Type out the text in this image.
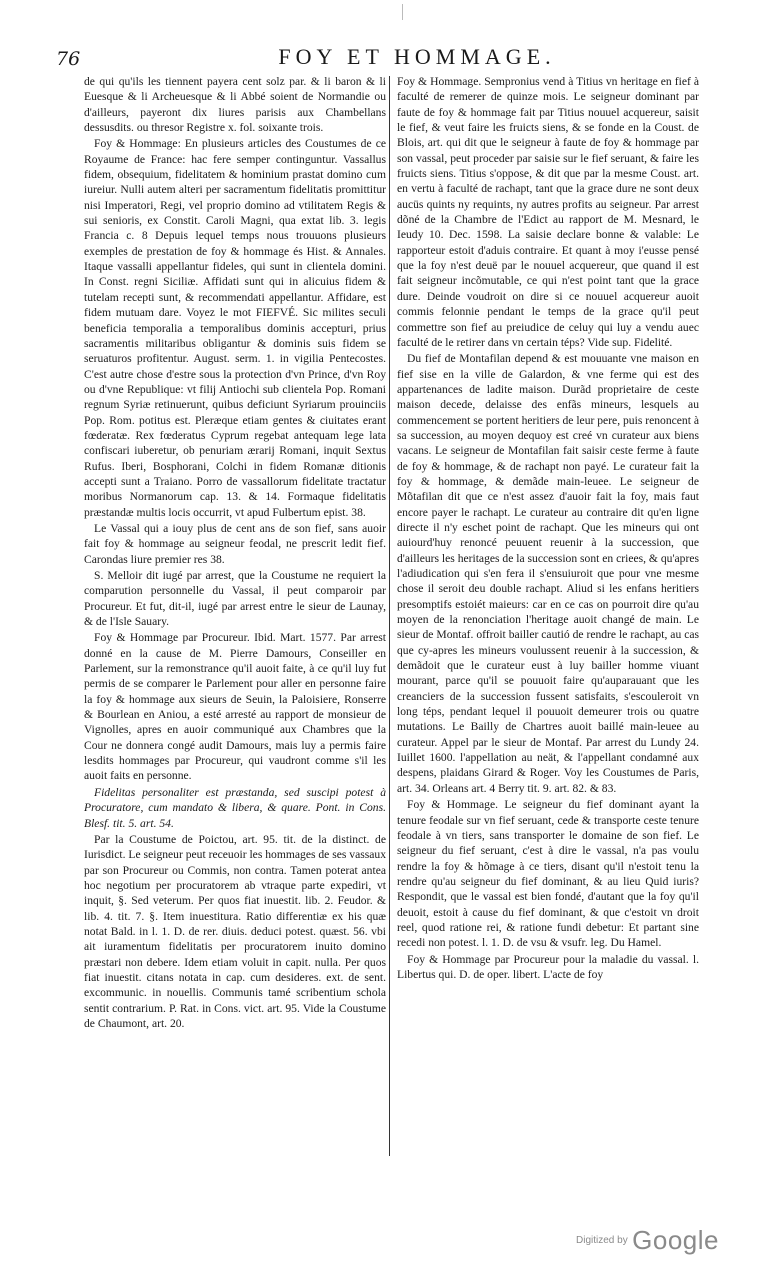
76	FOY ET HOMMAGE.

de qui qu'ils les tiennent payera cent solz par. & li baron & li Euesque & li Archeuesque & li Abbé soient de Normandie ou d'ailleurs, payeront dix liures parisis aux Chambellans dessusdits. ou thresor Registre x. fol. soixante trois.

Foy & Hommage: En plusieurs articles des Coustumes de ce Royaume de France: hac fere semper continguntur. Vassallus fidem, obsequium, fidelitatem & hominium prastat domino cum iureiur. Nulli autem alteri per sacramentum fidelitatis promittitur nisi Imperatori, Regi, vel proprio domino ad vtilitatem Regis & sui senioris, ex Constit. Caroli Magni, qua extat lib. 3. legis Francia c. 8 Depuis lequel temps nous trouuons plusieurs exemples de prestation de foy & hommage és Hist. & Annales. Itaque vassalli appellantur fideles, qui sunt in clientela domini. In Const. regni Siciliæ. Affidati sunt qui in alicuius fidem & tutelam recepti sunt, & recommendati appellantur. Affidare, est fidem mutuam dare. Voyez le mot FIEFVÉ. Sic milites seculi beneficia temporalia a temporalibus dominis accepturi, prius sacramentis militaribus obligantur & dominis suis fidem se seruaturos profitentur. August. serm. 1. in vigilia Pentecostes. C'est autre chose d'estre sous la protection d'vn Prince, d'vn Roy ou d'vne Republique: vt filij Antiochi sub clientela Pop. Romani regnum Syriæ retinuerunt, quibus deficiunt Syriarum prouinciis Pop. Rom. potitus est. Pleræque etiam gentes & ciuitates erant fœderatæ. Rex fœderatus Cyprum regebat antequam lege lata confiscari iuberetur, ob penuriam ærarij Romani, inquit Sextus Rufus. Iberi, Bosphorani, Colchi in fidem Romanæ ditionis accepti sunt a Traiano. Porro de vassallorum fidelitate tractatur moribus Normanorum cap. 13. & 14. Formaque fidelitatis præstandæ multis locis occurrit, vt apud Fulbertum epist. 38.

Le Vassal qui a iouy plus de cent ans de son fief, sans auoir fait foy & hommage au seigneur feodal, ne prescrit ledit fief. Carondas liure premier res 38.

S. Melloir dit iugé par arrest, que la Coustume ne requiert la comparution personnelle du Vassal, il peut comparoir par Procureur. Et fut, dit-il, iugé par arrest entre le sieur de Launay, & de l'Isle Sauary.

Foy & Hommage par Procureur. Ibid. Mart. 1577. Par arrest donné en la cause de M. Pierre Damours, Conseiller en Parlement, sur la remonstrance qu'il auoit faite, à ce qu'il luy fut permis de se comparer le Parlement pour aller en personne faire la foy & hommage aux sieurs de Seuin, la Paloisiere, Ronserre & Bourlean en Aniou, a esté arresté au rapport de monsieur de Vignolles, apres en auoir communiqué aux Chambres que la Cour ne donnera congé audit Damours, mais luy a permis faire lesdits hommages par Procureur, qui vaudront comme s'il les auoit faits en personne.

Fidelitas personaliter est præstanda, sed suscipi potest à Procuratore, cum mandato & libera, & quare. Pont. in Cons. Blesf. tit. 5. art. 54.

Par la Coustume de Poictou, art. 95. tit. de la distinct. de Iurisdict. Le seigneur peut receuoir les hommages de ses vassaux par son Procureur ou Commis, non contra. Tamen poterat antea hoc negotium per procuratorem ab vtraque parte expediri, vt inquit, §. Sed veterum. Per quos fiat inuestit. lib. 2. Feudor. & lib. 4. tit. 7. §. Item inuestitura. Ratio differentiæ ex his quæ notat Bald. in l. 1. D. de rer. diuis. deduci potest. quæst. 56. vbi ait iuramentum fidelitatis per procuratorem inuito domino præstari non debere. Idem etiam voluit in capit. nulla. Per quos fiat inuestit. citans notata in cap. cum desideres. ext. de sent. excommunic. in nouellis. Communis tamé scribentium schola sentit contrarium. P. Rat. in Cons. vict. art. 95. Vide la Coustume de Chaumont, art. 20.

Foy & Hommage. Sempronius vend à Titius vn heritage en fief à faculté de remerer de quinze mois. Le seigneur dominant par faute de foy & hommage fait par Titius nouuel acquereur, saisit le fief, & veut faire les fruicts siens, & se fonde en la Coust. de Blois, art. qui dit que le seigneur à faute de foy & hommage par son vassal, peut proceder par saisie sur le fief seruant, & faire les fruicts siens. Titius s'oppose, & dit que par la mesme Coust. art. en vertu à faculté de rachapt, tant que la grace dure ne sont deux aucüs quints ny requints, ny autres profits au seigneur. Par arrest dõné de la Chambre de l'Edict au rapport de M. Mesnard, le Ieudy 10. Dec. 1598. La saisie declare bonne & valable: Le rapporteur estoit d'aduis contraire. Et quant à moy i'eusse pensé que la foy n'est deuë par le nouuel acquereur, que quand il est fait seigneur incõmutable, ce qui n'est point tant que la grace dure. Deinde voudroit on dire si ce nouuel acquereur auoit commis felonnie pendant le temps de la grace qu'il peut commettre son fief au preiudice de celuy qui luy a vendu auec faculté de le retirer dans vn certain téps? Vide sup. Fidelité.

Du fief de Montafilan depend & est mouuante vne maison en fief sise en la ville de Galardon, & vne ferme qui est des appartenances de ladite maison. Durãd proprietaire de ceste maison decede, delaisse des enfãs mineurs, lesquels au commencement se portent heritiers de leur pere, puis renoncent à sa succession, au moyen dequoy est creé vn curateur aux biens vacans. Le seigneur de Montafilan fait saisir ceste ferme à faute de foy & hommage, & de rachapt non payé. Le curateur fait la foy & hommage, & demãde main-leuee. Le seigneur de Mõtafilan dit que ce n'est assez d'auoir fait la foy, mais faut encore payer le rachapt. Le curateur au contraire dit qu'en ligne directe il n'y eschet point de rachapt. Que les mineurs qui ont auiourd'huy renoncé peuuent reuenir à la succession, que d'ailleurs les heritages de la succession sont en criees, & qu'apres l'adiudication qui s'en fera il s'ensuiuroit que pour vne mesme chose il seroit deu double rachapt. Aliud si les enfans heritiers presomptifs estoiét maieurs: car en ce cas on pourroit dire qu'au moyen de la renonciation l'heritage auoit changé de main. Le sieur de Montaf. offroit bailler cautió de rendre le rachapt, au cas que cy-apres les mineurs voulussent reuenir à la succession, & demãdoit que le curateur eust à luy bailler homme viuant mourant, parce qu'il se pouuoit faire qu'auparauant que les creanciers de la succession fussent satisfaits, s'escouleroit vn long téps, pendant lequel il pouuoit demeurer trois ou quatre mutations. Le Bailly de Chartres auoit baillé main-leuee au curateur. Appel par le sieur de Montaf. Par arrest du Lundy 24. Iuillet 1600. l'appellation au neät, & l'appellant condamné aux despens, plaidans Girard & Roger. Voy les Coustumes de Paris, art. 34. Orleans art. 4 Berry tit. 9. art. 82. & 83.

Foy & Hommage. Le seigneur du fief dominant ayant la tenure feodale sur vn fief seruant, cede & transporte ceste tenure feodale à vn tiers, sans transporter le domaine de son fief. Le seigneur du fief seruant, c'est à dire le vassal, n'a pas voulu rendre la foy & hõmage à ce tiers, disant qu'il n'estoit tenu la rendre qu'au seigneur du fief dominant, & au lieu Quid iuris? Respondit, que le vassal est bien fondé, d'autant que la foy qu'il deuoit, estoit à cause du fief dominant, & que c'estoit vn droit reel, quod ratione rei, & ratione fundi debetur: Et partant sine recedi non potest. l. 1. D. de vsu & vsufr. leg. Du Hamel.

Foy & Hommage par Procureur pour la maladie du vassal. l. Libertus qui. D. de oper. libert. L'acte de foy

Digitized by Google
